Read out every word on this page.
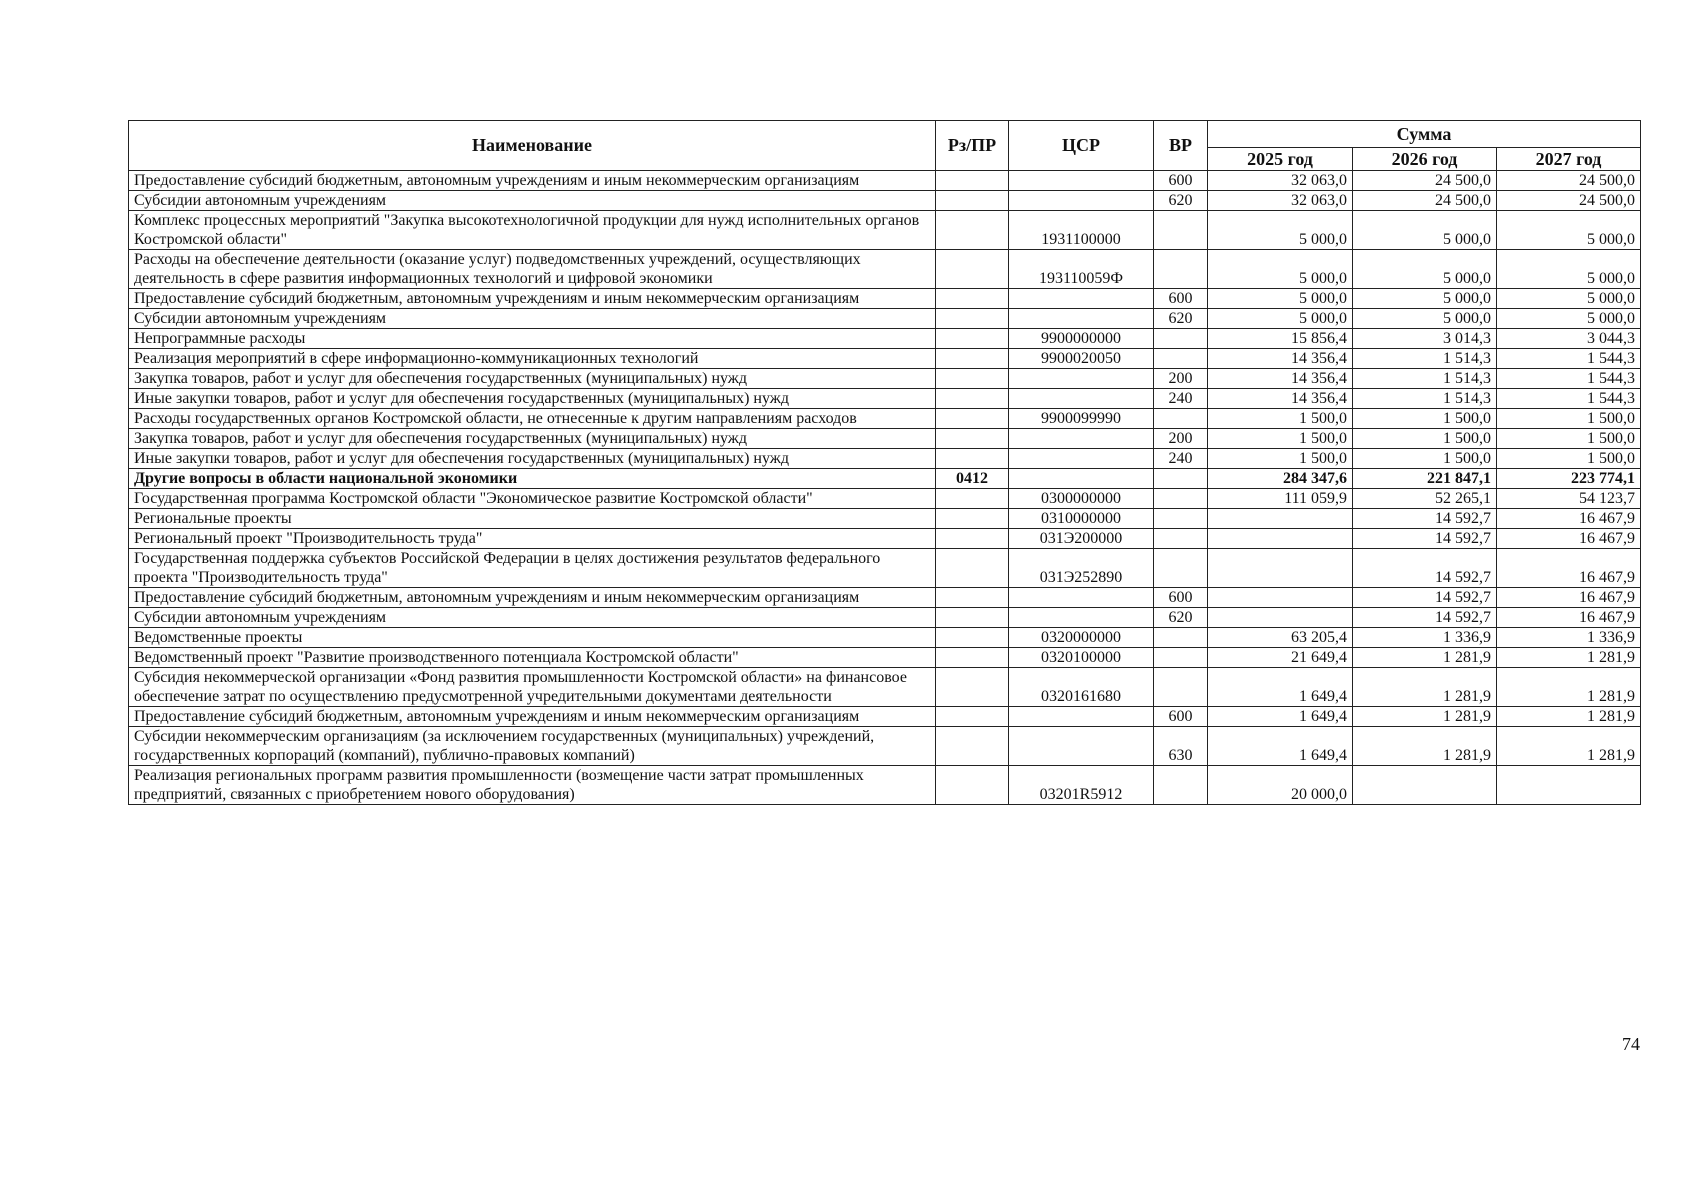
Наименование	Рз/ПР	ЦСР	ВР	Сумма		
				2025 год	2026 год	2027 год
Предоставление субсидий бюджетным, автономным учреждениям и иным некоммерческим организациям			600	32 063,0	24 500,0	24 500,0
Субсидии автономным учреждениям			620	32 063,0	24 500,0	24 500,0
Комплекс процессных мероприятий "Закупка высокотехнологичной продукции для нужд исполнительных органов Костромской области"		1931100000		5 000,0	5 000,0	5 000,0
Расходы на обеспечение деятельности (оказание услуг) подведомственных учреждений, осуществляющих деятельность в сфере развития информационных технологий и цифровой экономики		193110059Ф		5 000,0	5 000,0	5 000,0
Предоставление субсидий бюджетным, автономным учреждениям и иным некоммерческим организациям			600	5 000,0	5 000,0	5 000,0
Субсидии автономным учреждениям			620	5 000,0	5 000,0	5 000,0
Непрограммные расходы		9900000000		15 856,4	3 014,3	3 044,3
Реализация мероприятий в сфере информационно-коммуникационных технологий		9900020050		14 356,4	1 514,3	1 544,3
Закупка товаров, работ и услуг для обеспечения государственных (муниципальных) нужд			200	14 356,4	1 514,3	1 544,3
Иные закупки товаров, работ и услуг для обеспечения государственных (муниципальных) нужд			240	14 356,4	1 514,3	1 544,3
Расходы государственных органов Костромской области, не отнесенные к другим направлениям расходов		9900099990		1 500,0	1 500,0	1 500,0
Закупка товаров, работ и услуг для обеспечения государственных (муниципальных) нужд			200	1 500,0	1 500,0	1 500,0
Иные закупки товаров, работ и услуг для обеспечения государственных (муниципальных) нужд			240	1 500,0	1 500,0	1 500,0
Другие вопросы в области национальной экономики	0412			284 347,6	221 847,1	223 774,1
Государственная программа Костромской области "Экономическое развитие Костромской области"		0300000000		111 059,9	52 265,1	54 123,7
Региональные проекты		0310000000			14 592,7	16 467,9
Региональный проект "Производительность труда"		031Э200000			14 592,7	16 467,9
Государственная поддержка субъектов Российской Федерации в целях достижения результатов федерального проекта "Производительность труда"		031Э252890			14 592,7	16 467,9
Предоставление субсидий бюджетным, автономным учреждениям и иным некоммерческим организациям			600		14 592,7	16 467,9
Субсидии автономным учреждениям			620		14 592,7	16 467,9
Ведомственные проекты		0320000000		63 205,4	1 336,9	1 336,9
Ведомственный проект "Развитие производственного потенциала Костромской области"		0320100000		21 649,4	1 281,9	1 281,9
Субсидия некоммерческой организации «Фонд развития промышленности Костромской области» на финансовое обеспечение затрат по осуществлению предусмотренной учредительными документами деятельности		0320161680		1 649,4	1 281,9	1 281,9
Предоставление субсидий бюджетным, автономным учреждениям и иным некоммерческим организациям			600	1 649,4	1 281,9	1 281,9
Субсидии некоммерческим организациям (за исключением государственных (муниципальных) учреждений, государственных корпораций (компаний), публично-правовых компаний)			630	1 649,4	1 281,9	1 281,9
Реализация региональных программ развития промышленности (возмещение части затрат промышленных предприятий, связанных с приобретением нового оборудования)		03201R5912		20 000,0		
74
